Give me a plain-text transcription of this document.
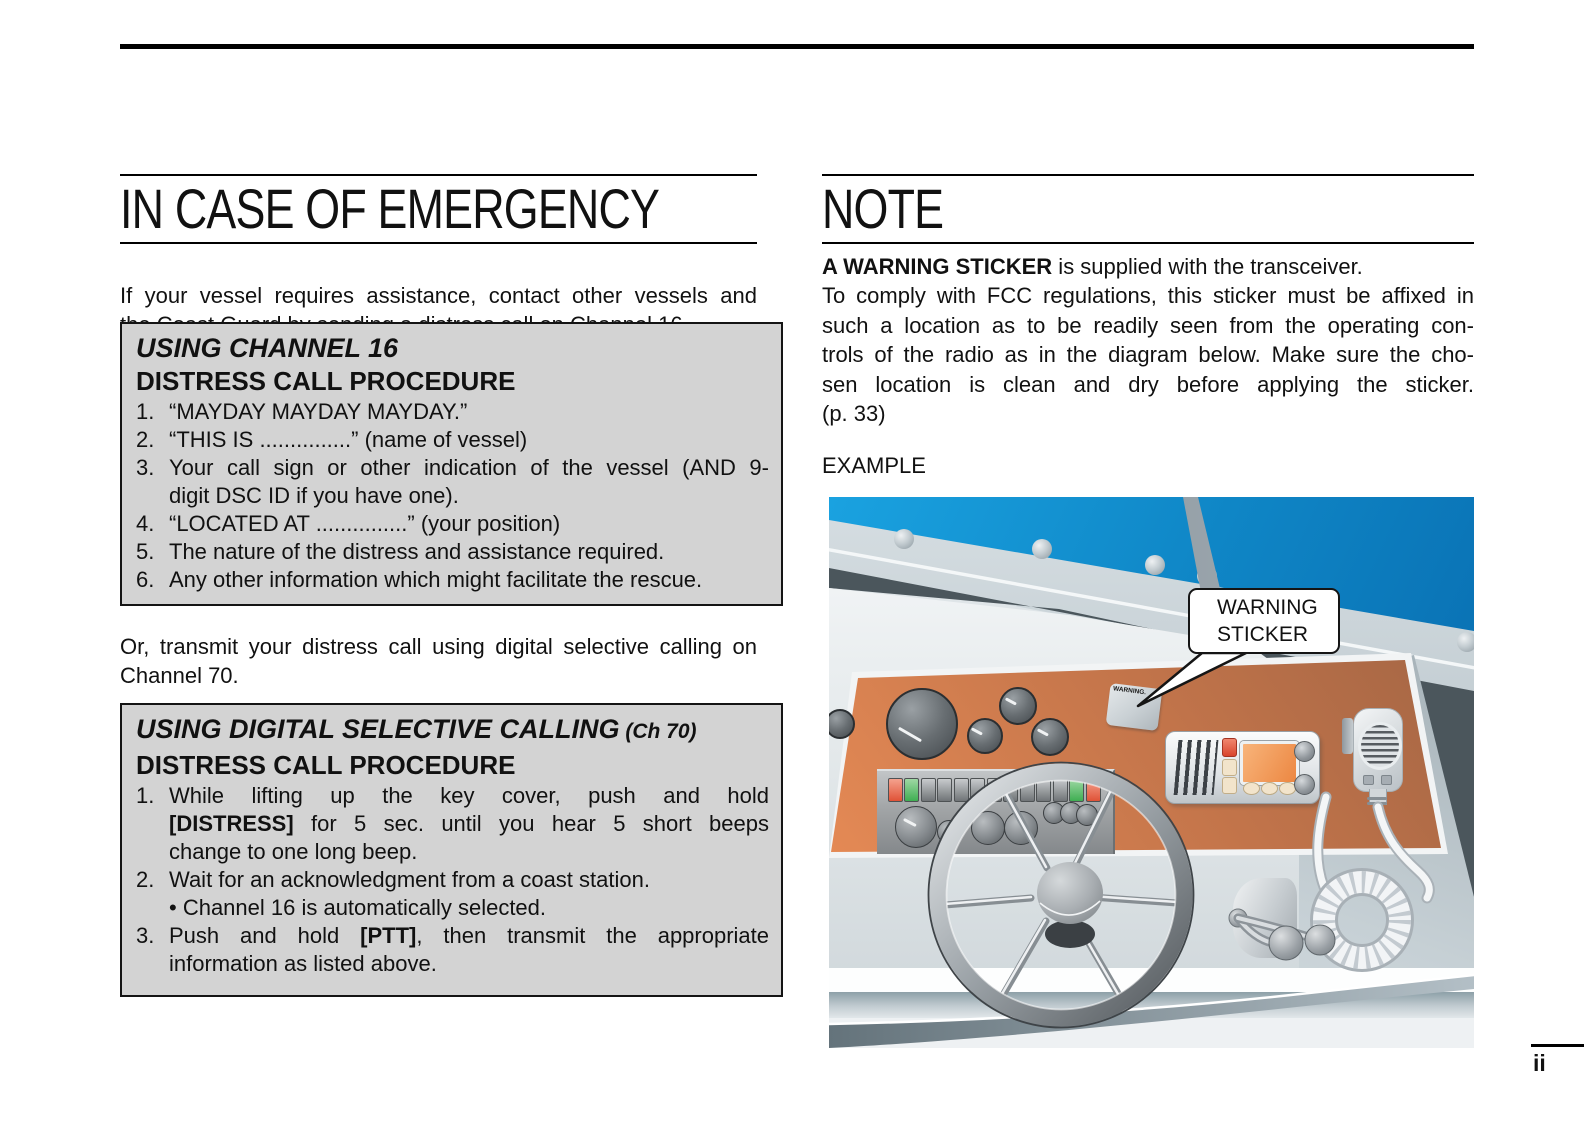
IN CASE OF EMERGENCY
If your vessel requires assistance, contact other vessels and
USING CHANNEL 16
DISTRESS CALL PROCEDURE
1. “MAYDAY MAYDAY MAYDAY.”
2. “THIS IS ...............” (name of vessel)
3. Your call sign or other indication of the vessel (AND 9-
digit DSC ID if you have one).
4. “LOCATED AT ...............” (your position)
5. The nature of the distress and assistance required.
6. Any other information which might facilitate the rescue.
Or, transmit your distress call using digital selective calling on
Channel 70.
USING DIGITAL SELECTIVE CALLING (Ch 70)
DISTRESS CALL PROCEDURE
1. While lifting up the key cover, push and hold
[DISTRESS] for 5 sec. until you hear 5 short beeps
change to one long beep.
2. Wait for an acknowledgment from a coast station.
• Channel 16 is automatically selected.
3. Push and hold [PTT], then transmit the appropriate
information as listed above.
NOTE
A WARNING STICKER is supplied with the transceiver.
To comply with FCC regulations, this sticker must be affixed in
such a location as to be readily seen from the operating con-
trols of the radio as in the diagram below. Make sure the cho-
sen location is clean and dry before applying the sticker.
(p. 33)
EXAMPLE
WARNING.
WARNING
STICKER
ii
